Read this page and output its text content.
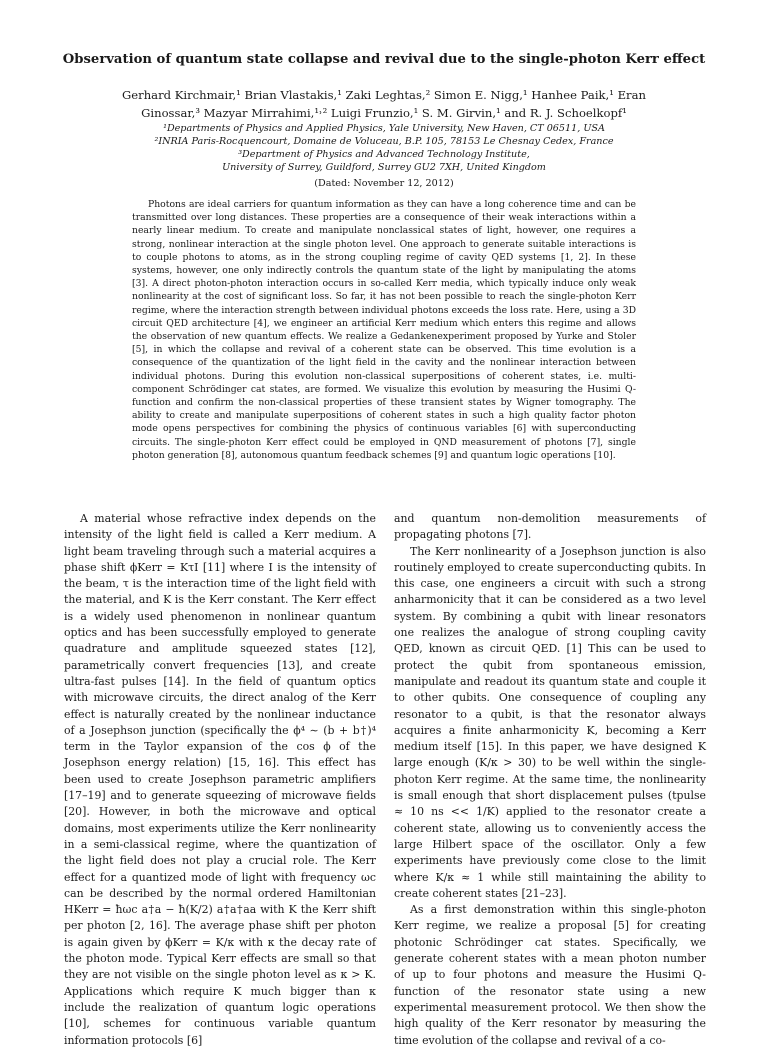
Observation of quantum state collapse and revival due to the single-photon Kerr effect
Gerhard Kirchmair,¹ Brian Vlastakis,¹ Zaki Leghtas,² Simon E. Nigg,¹ Hanhee Paik,¹ Eran
Ginossar,³ Mazyar Mirrahimi,¹˒² Luigi Frunzio,¹ S. M. Girvin,¹ and R. J. Schoelkopf¹
¹Departments of Physics and Applied Physics, Yale University, New Haven, CT 06511, USA
²INRIA Paris-Rocquencourt, Domaine de Voluceau, B.P. 105, 78153 Le Chesnay Cedex, France
³Department of Physics and Advanced Technology Institute,
University of Surrey, Guildford, Surrey GU2 7XH, United Kingdom
(Dated: November 12, 2012)
Photons are ideal carriers for quantum information as they can have a long coherence time and can be transmitted over long distances. These properties are a consequence of their weak interactions within a nearly linear medium. To create and manipulate nonclassical states of light, however, one requires a strong, nonlinear interaction at the single photon level. One approach to generate suitable interactions is to couple photons to atoms, as in the strong coupling regime of cavity QED systems [1, 2]. In these systems, however, one only indirectly controls the quantum state of the light by manipulating the atoms [3]. A direct photon-photon interaction occurs in so-called Kerr media, which typically induce only weak nonlinearity at the cost of significant loss. So far, it has not been possible to reach the single-photon Kerr regime, where the interaction strength between individual photons exceeds the loss rate. Here, using a 3D circuit QED architecture [4], we engineer an artificial Kerr medium which enters this regime and allows the observation of new quantum effects. We realize a Gedankenexperiment proposed by Yurke and Stoler [5], in which the collapse and revival of a coherent state can be observed. This time evolution is a consequence of the quantization of the light field in the cavity and the nonlinear interaction between individual photons. During this evolution non-classical superpositions of coherent states, i.e. multi-component Schrödinger cat states, are formed. We visualize this evolution by measuring the Husimi Q-function and confirm the non-classical properties of these transient states by Wigner tomography. The ability to create and manipulate superpositions of coherent states in such a high quality factor photon mode opens perspectives for combining the physics of continuous variables [6] with superconducting circuits. The single-photon Kerr effect could be employed in QND measurement of photons [7], single photon generation [8], autonomous quantum feedback schemes [9] and quantum logic operations [10].

A material whose refractive index depends on the intensity of the light field is called a Kerr medium. A light beam traveling through such a material acquires a phase shift ϕKerr = KτI [11] where I is the intensity of the beam, τ is the interaction time of the light field with the material, and K is the Kerr constant. The Kerr effect is a widely used phenomenon in nonlinear quantum optics and has been successfully employed to generate quadrature and amplitude squeezed states [12], parametrically convert frequencies [13], and create ultra-fast pulses [14]. In the field of quantum optics with microwave circuits, the direct analog of the Kerr effect is naturally created by the nonlinear inductance of a Josephson junction (specifically the ϕ⁴ ∼ (b + b†)⁴ term in the Taylor expansion of the cos ϕ of the Josephson energy relation) [15, 16]. This effect has been used to create Josephson parametric amplifiers [17–19] and to generate squeezing of microwave fields [20]. However, in both the microwave and optical domains, most experiments utilize the Kerr nonlinearity in a semi-classical regime, where the quantization of the light field does not play a crucial role. The Kerr effect for a quantized mode of light with frequency ωc can be described by the normal ordered Hamiltonian HKerr = ħωc a†a − ħ(K/2) a†a†aa with K the Kerr shift per photon [2, 16]. The average phase shift per photon is again given by ϕKerr = K/κ with κ the decay rate of the photon mode. Typical Kerr effects are small so that they are not visible on the single photon level as κ > K. Applications which require K much bigger than κ include the realization of quantum logic operations [10], schemes for continuous variable quantum information protocols [6]

and quantum non-demolition measurements of propagating photons [7].

The Kerr nonlinearity of a Josephson junction is also routinely employed to create superconducting qubits. In this case, one engineers a circuit with such a strong anharmonicity that it can be considered as a two level system. By combining a qubit with linear resonators one realizes the analogue of strong coupling cavity QED, known as circuit QED. [1] This can be used to protect the qubit from spontaneous emission, manipulate and readout its quantum state and couple it to other qubits. One consequence of coupling any resonator to a qubit, is that the resonator always acquires a finite anharmonicity K, becoming a Kerr medium itself [15]. In this paper, we have designed K large enough (K/κ > 30) to be well within the single-photon Kerr regime. At the same time, the nonlinearity is small enough that short displacement pulses (tpulse ≈ 10 ns << 1/K) applied to the resonator create a coherent state, allowing us to conveniently access the large Hilbert space of the oscillator. Only a few experiments have previously come close to the limit where K/κ ≈ 1 while still maintaining the ability to create coherent states [21–23].

As a first demonstration within this single-photon Kerr regime, we realize a proposal [5] for creating photonic Schrödinger cat states. Specifically, we generate coherent states with a mean photon number of up to four photons and measure the Husimi Q-function of the resonator state using a new experimental measurement protocol. We then show the high quality of the Kerr resonator by measuring the time evolution of the collapse and revival of a co-
